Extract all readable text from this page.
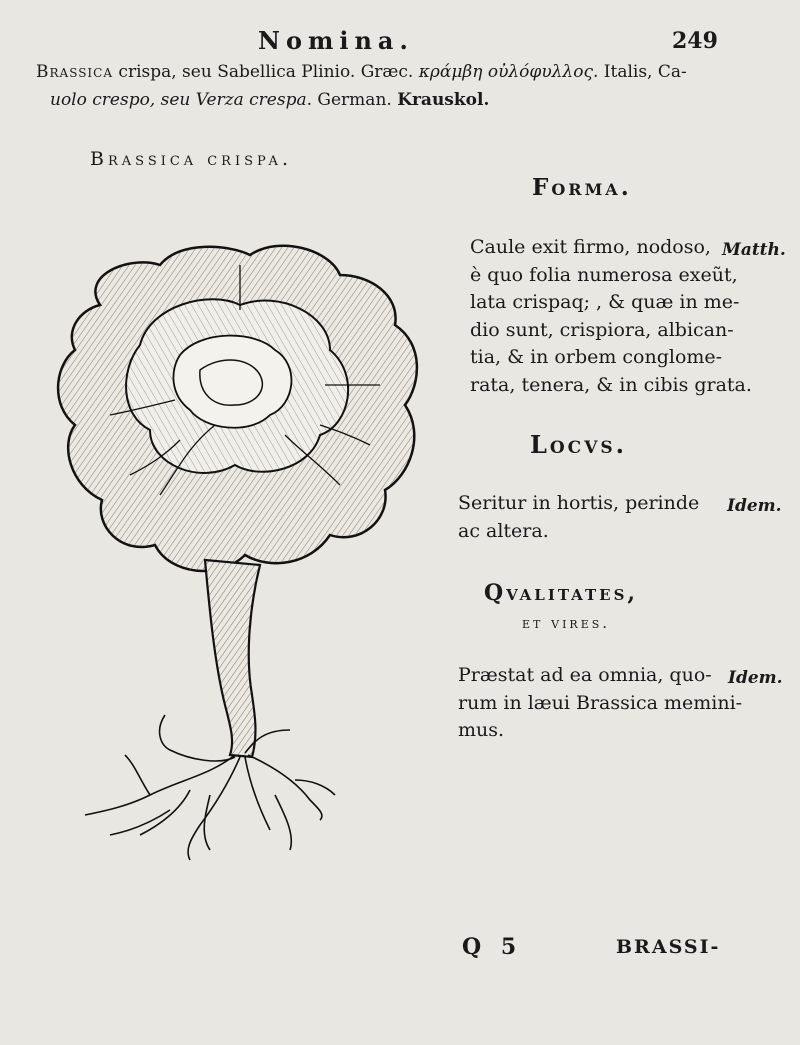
Nomina.	249
Brassica crispa, seu Sabellica Plinio. Græc. κράμβη οὐλόφυλλος. Italis, Ca-
uolo crespo, seu Verza crespa. German. Krauskol.
Brassica crispa.
Forma.
Caule exit firmo, nodoso,
è quo folia numerosa exeũt,
lata crispaq; , & quæ in me-
dio sunt, crispiora, albican-
tia, & in orbem conglome-
rata, tenera, & in cibis grata.
Matth.
Locvs.
Seritur in hortis, perinde
ac altera.
Idem.
Qvalitates,
et vires.
Præstat ad ea omnia, quo-
rum in læui Brassica memini-
mus.
Idem.
Q 5	BRASSI-
